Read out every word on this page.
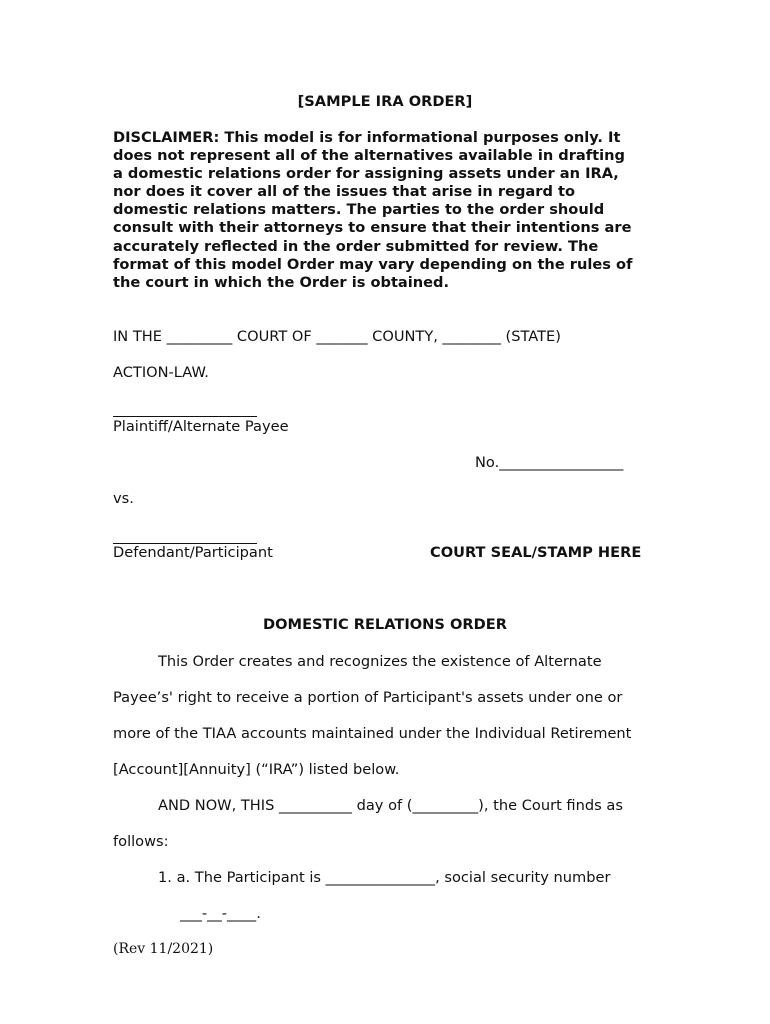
[SAMPLE IRA ORDER]
DISCLAIMER: This model is for informational purposes only. It
does not represent all of the alternatives available in drafting
a domestic relations order for assigning assets under an IRA,
nor does it cover all of the issues that arise in regard to
domestic relations matters. The parties to the order should
consult with their attorneys to ensure that their intentions are
accurately reflected in the order submitted for review. The
format of this model Order may vary depending on the rules of
the court in which the Order is obtained.
IN THE _________ COURT OF _______ COUNTY, ________ (STATE)
ACTION-LAW.
Plaintiff/Alternate Payee
No._________________
vs.
Defendant/Participant	COURT SEAL/STAMP HERE
DOMESTIC RELATIONS ORDER
This Order creates and recognizes the existence of Alternate
Payee’s' right to receive a portion of Participant's assets under one or
more of the TIAA accounts maintained under the Individual Retirement
[Account][Annuity] (“IRA”) listed below.
AND NOW, THIS __________ day of (_________), the Court finds as
follows:
1. a. The Participant is _______________, social security number
___-__-____.
(Rev 11/2021)
